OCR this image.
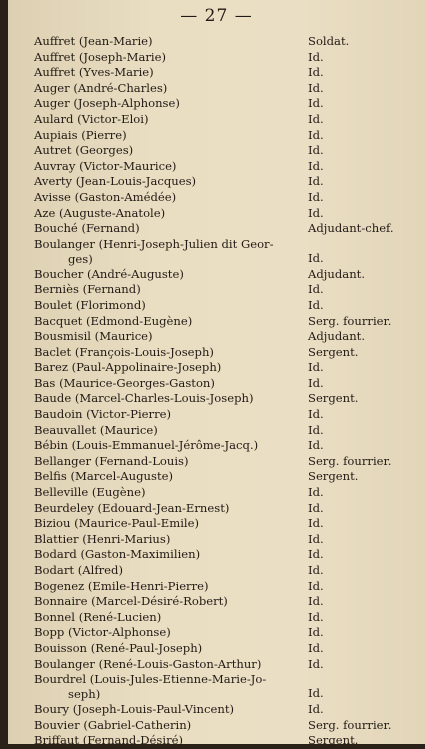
— 27 —
Auffret (Jean-Marie)	Soldat.
Auffret (Joseph-Marie)	Id.
Auffret (Yves-Marie)	Id.
Auger (André-Charles)	Id.
Auger (Joseph-Alphonse)	Id.
Aulard (Victor-Eloi)	Id.
Aupiais (Pierre)	Id.
Autret (Georges)	Id.
Auvray (Victor-Maurice)	Id.
Averty (Jean-Louis-Jacques)	Id.
Avisse (Gaston-Amédée)	Id.
Aze (Auguste-Anatole)	Id.
Bouché (Fernand)	Adjudant-chef.
Boulanger (Henri-Joseph-Julien dit Geor-
ges)	Id.
Boucher (André-Auguste)	Adjudant.
Berniès (Fernand)	Id.
Boulet (Florimond)	Id.
Bacquet (Edmond-Eugène)	Serg. fourrier.
Bousmisil (Maurice)	Adjudant.
Baclet (François-Louis-Joseph)	Sergent.
Barez (Paul-Appolinaire-Joseph)	Id.
Bas (Maurice-Georges-Gaston)	Id.
Baude (Marcel-Charles-Louis-Joseph)	Sergent.
Baudoin (Victor-Pierre)	Id.
Beauvallet (Maurice)	Id.
Bébin (Louis-Emmanuel-Jérôme-Jacq.)	Id.
Bellanger (Fernand-Louis)	Serg. fourrier.
Belfis (Marcel-Auguste)	Sergent.
Belleville (Eugène)	Id.
Beurdeley (Edouard-Jean-Ernest)	Id.
Biziou (Maurice-Paul-Emile)	Id.
Blattier (Henri-Marius)	Id.
Bodard (Gaston-Maximilien)	Id.
Bodart (Alfred)	Id.
Bogenez (Emile-Henri-Pierre)	Id.
Bonnaire (Marcel-Désiré-Robert)	Id.
Bonnel (René-Lucien)	Id.
Bopp (Victor-Alphonse)	Id.
Bouisson (René-Paul-Joseph)	Id.
Boulanger (René-Louis-Gaston-Arthur)	Id.
Bourdrel (Louis-Jules-Etienne-Marie-Jo-
seph)	Id.
Boury (Joseph-Louis-Paul-Vincent)	Id.
Bouvier (Gabriel-Catherin)	Serg. fourrier.
Briffaut (Fernand-Désiré)	Sergent.
